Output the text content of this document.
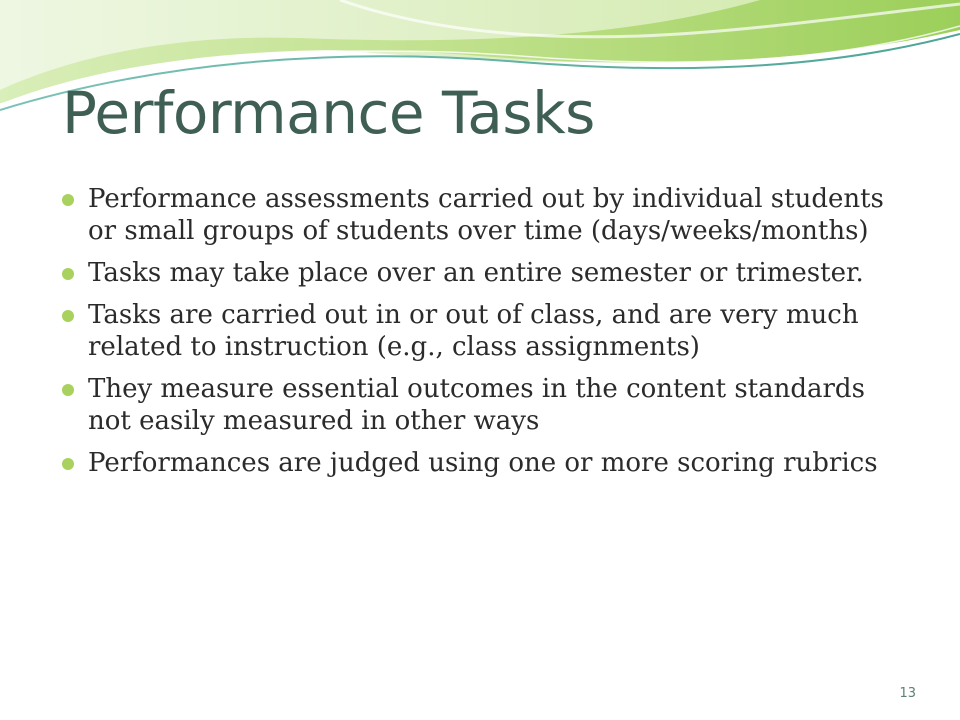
Performance Tasks
Performance assessments carried out by individual students or small groups of students over time (days/weeks/months)
Tasks may take place over an entire semester or trimester.
Tasks are carried out in or out of class, and are very much related to instruction (e.g., class assignments)
They measure essential outcomes in the content standards not easily measured in other ways
Performances are judged using one or more scoring rubrics
13
